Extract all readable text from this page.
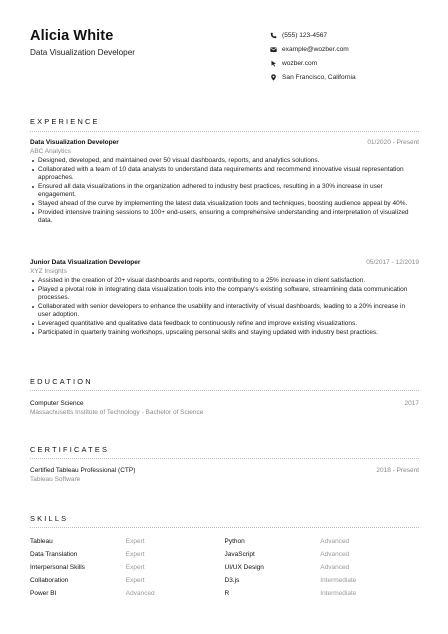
Alicia White
Data Visualization Developer
(555) 123-4567
example@wozber.com
wozber.com
San Francisco, California
EXPERIENCE
Data Visualization Developer	01/2020 - Present
ABC Analytics
Designed, developed, and maintained over 50 visual dashboards, reports, and analytics solutions.
Collaborated with a team of 10 data analysts to understand data requirements and recommend innovative visual representation approaches.
Ensured all data visualizations in the organization adhered to industry best practices, resulting in a 30% increase in user engagement.
Stayed ahead of the curve by implementing the latest data visualization tools and techniques, boosting audience appeal by 40%.
Provided intensive training sessions to 100+ end-users, ensuring a comprehensive understanding and interpretation of visualized data.
Junior Data Visualization Developer	05/2017 - 12/2019
XYZ Insights
Assisted in the creation of 20+ visual dashboards and reports, contributing to a 25% increase in client satisfaction.
Played a pivotal role in integrating data visualization tools into the company's existing software, streamlining data communication processes.
Collaborated with senior developers to enhance the usability and interactivity of visual dashboards, leading to a 20% increase in user adoption.
Leveraged quantitative and qualitative data feedback to continuously refine and improve existing visualizations.
Participated in quarterly training workshops, upscaling personal skills and staying updated with industry best practices.
EDUCATION
Computer Science	2017
Massachusetts Institute of Technology - Bachelor of Science
CERTIFICATES
Certified Tableau Professional (CTP)	2018 - Present
Tableau Software
SKILLS
Tableau	Expert	Python	Advanced
Data Translation	Expert	JavaScript	Advanced
Interpersonal Skills	Expert	UI/UX Design	Advanced
Collaboration	Expert	D3.js	Intermediate
Power BI	Advanced	R	Intermediate
